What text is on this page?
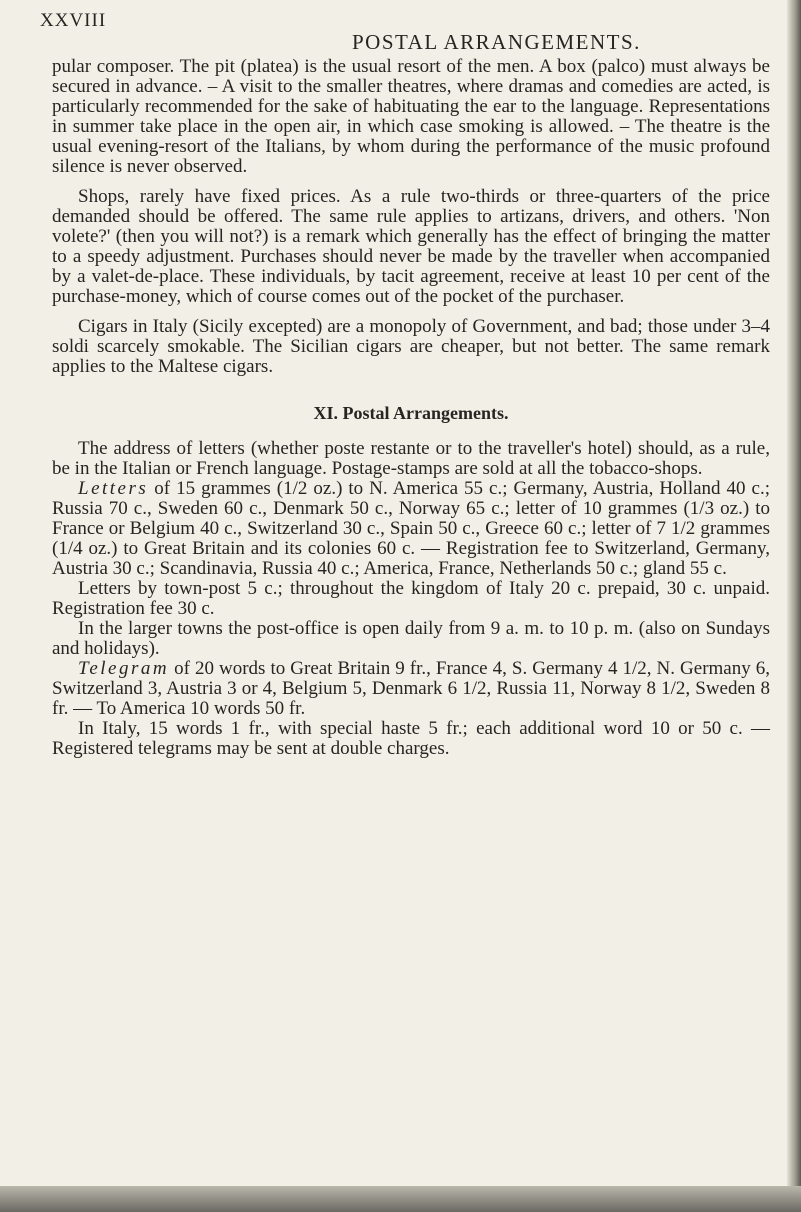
XXVIII
POSTAL ARRANGEMENTS.

pular composer. The pit (platea) is the usual resort of the men. A box (palco) must always be secured in advance. – A visit to the smaller theatres, where dramas and comedies are acted, is particularly recommended for the sake of habituating the ear to the language. Representations in summer take place in the open air, in which case smoking is allowed. – The theatre is the usual evening-resort of the Italians, by whom during the performance of the music profound silence is never observed.

Shops, rarely have fixed prices. As a rule two-thirds or three-quarters of the price demanded should be offered. The same rule applies to artizans, drivers, and others. 'Non volete?' (then you will not?) is a remark which generally has the effect of bringing the matter to a speedy adjustment. Purchases should never be made by the traveller when accompanied by a valet-de-place. These individuals, by tacit agreement, receive at least 10 per cent of the purchase-money, which of course comes out of the pocket of the purchaser.

Cigars in Italy (Sicily excepted) are a monopoly of Government, and bad; those under 3–4 soldi scarcely smokable. The Sicilian cigars are cheaper, but not better. The same remark applies to the Maltese cigars.

XI. Postal Arrangements.

The address of letters (whether poste restante or to the traveller's hotel) should, as a rule, be in the Italian or French language. Postage-stamps are sold at all the tobacco-shops.

Letters of 15 grammes (1/2 oz.) to N. America 55 c.; Germany, Austria, Holland 40 c.; Russia 70 c., Sweden 60 c., Denmark 50 c., Norway 65 c.; letter of 10 grammes (1/3 oz.) to France or Belgium 40 c., Switzerland 30 c., Spain 50 c., Greece 60 c.; letter of 7 1/2 grammes (1/4 oz.) to Great Britain and its colonies 60 c. — Registration fee to Switzerland, Germany, Austria 30 c.; Scandinavia, Russia 40 c.; America, France, Netherlands 50 c.; gland 55 c.

Letters by town-post 5 c.; throughout the kingdom of Italy 20 c. prepaid, 30 c. unpaid. Registration fee 30 c.

In the larger towns the post-office is open daily from 9 a. m. to 10 p. m. (also on Sundays and holidays).

Telegram of 20 words to Great Britain 9 fr., France 4, S. Germany 4 1/2, N. Germany 6, Switzerland 3, Austria 3 or 4, Belgium 5, Denmark 6 1/2, Russia 11, Norway 8 1/2, Sweden 8 fr. — To America 10 words 50 fr.

In Italy, 15 words 1 fr., with special haste 5 fr.; each additional word 10 or 50 c. — Registered telegrams may be sent at double charges.
